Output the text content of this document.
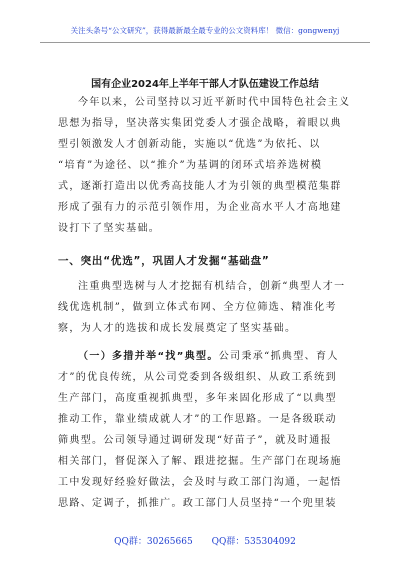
关注头条号“公文研究”，获得最新最全最专业的公文资料库！ 微信：gongwenyj
国有企业2024年上半年干部人才队伍建设工作总结
今年以来，公司坚持以习近平新时代中国特色社会主义
思想为指导，坚决落实集团党委人才强企战略，着眼以典
型引领激发人才创新动能，实施以“优选”为依托、以
“培育”为途径、以“推介”为基调的闭环式培养选树模
式，逐渐打造出以优秀高技能人才为引领的典型模范集群
形成了强有力的示范引领作用，为企业高水平人才高地建
设打下了坚实基础。
一、突出“优选”，巩固人才发掘“基础盘”
注重典型选树与人才挖掘有机结合，创新“典型人才一
线优选机制”，做到立体式布网、全方位筛选、精准化考
察，为人才的选拔和成长发展奠定了坚实基础。
（一）多措并举“找”典型。公司秉承“抓典型、育人
才”的优良传统，从公司党委到各级组织、从政工系统到
生产部门，高度重视抓典型，多年来固化形成了“以典型
推动工作，靠业绩成就人才”的工作思路。一是各级联动
筛典型。公司领导通过调研发现“好苗子”，就及时通报
相关部门，督促深入了解、跟进挖掘。生产部门在现场施
工中发现好经验好做法，会及时与政工部门沟通，一起悟
思路、定调子，抓推广。政工部门人员坚持“一个兜里装
QQ群：30265665 QQ群：535304092
